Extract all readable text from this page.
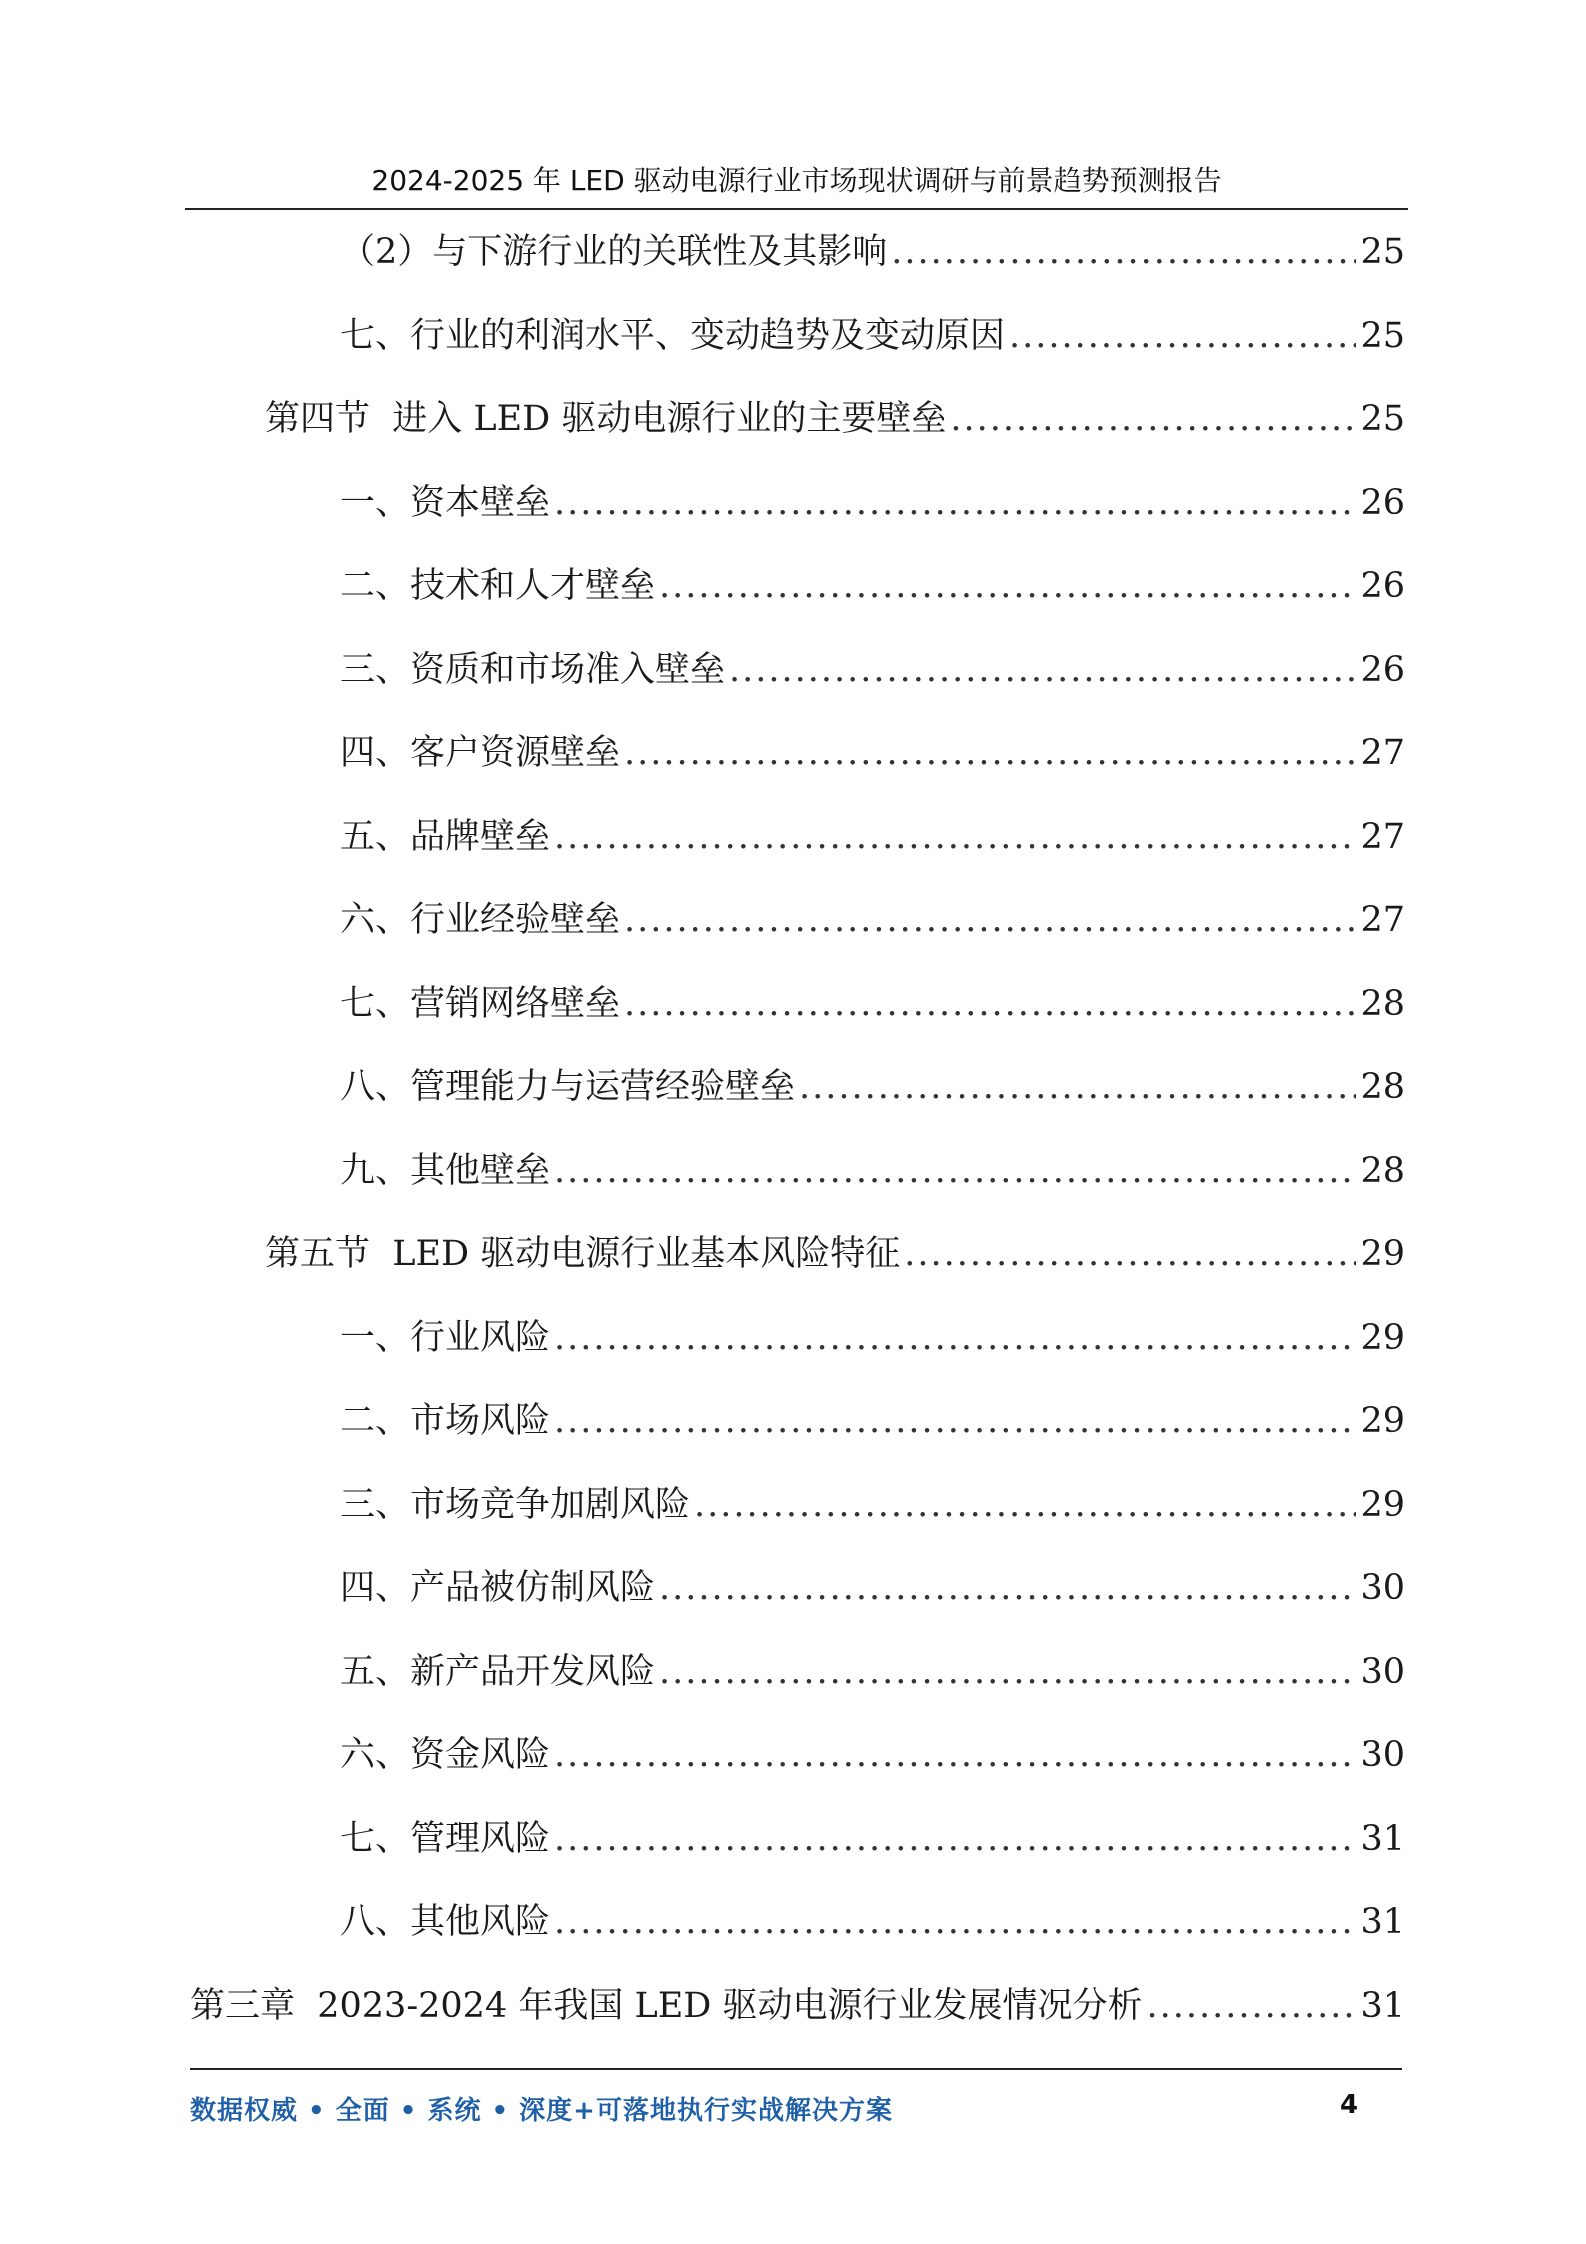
2024-2025 年 LED 驱动电源行业市场现状调研与前景趋势预测报告
（2）与下游行业的关联性及其影响 .....	25
七、行业的利润水平、变动趋势及变动原因 .....	25
第四节  进入 LED 驱动电源行业的主要壁垒 .....	25
一、资本壁垒 .....	26
二、技术和人才壁垒 .....	26
三、资质和市场准入壁垒 .....	26
四、客户资源壁垒 .....	27
五、品牌壁垒 .....	27
六、行业经验壁垒 .....	27
七、营销网络壁垒 .....	28
八、管理能力与运营经验壁垒 .....	28
九、其他壁垒 .....	28
第五节  LED 驱动电源行业基本风险特征 .....	29
一、行业风险 .....	29
二、市场风险 .....	29
三、市场竞争加剧风险 .....	29
四、产品被仿制风险 .....	30
五、新产品开发风险 .....	30
六、资金风险 .....	30
七、管理风险 .....	31
八、其他风险 .....	31
第三章  2023-2024 年我国 LED 驱动电源行业发展情况分析 .....	31
数据权威 • 全面 • 系统 • 深度+可落地执行实战解决方案	4
